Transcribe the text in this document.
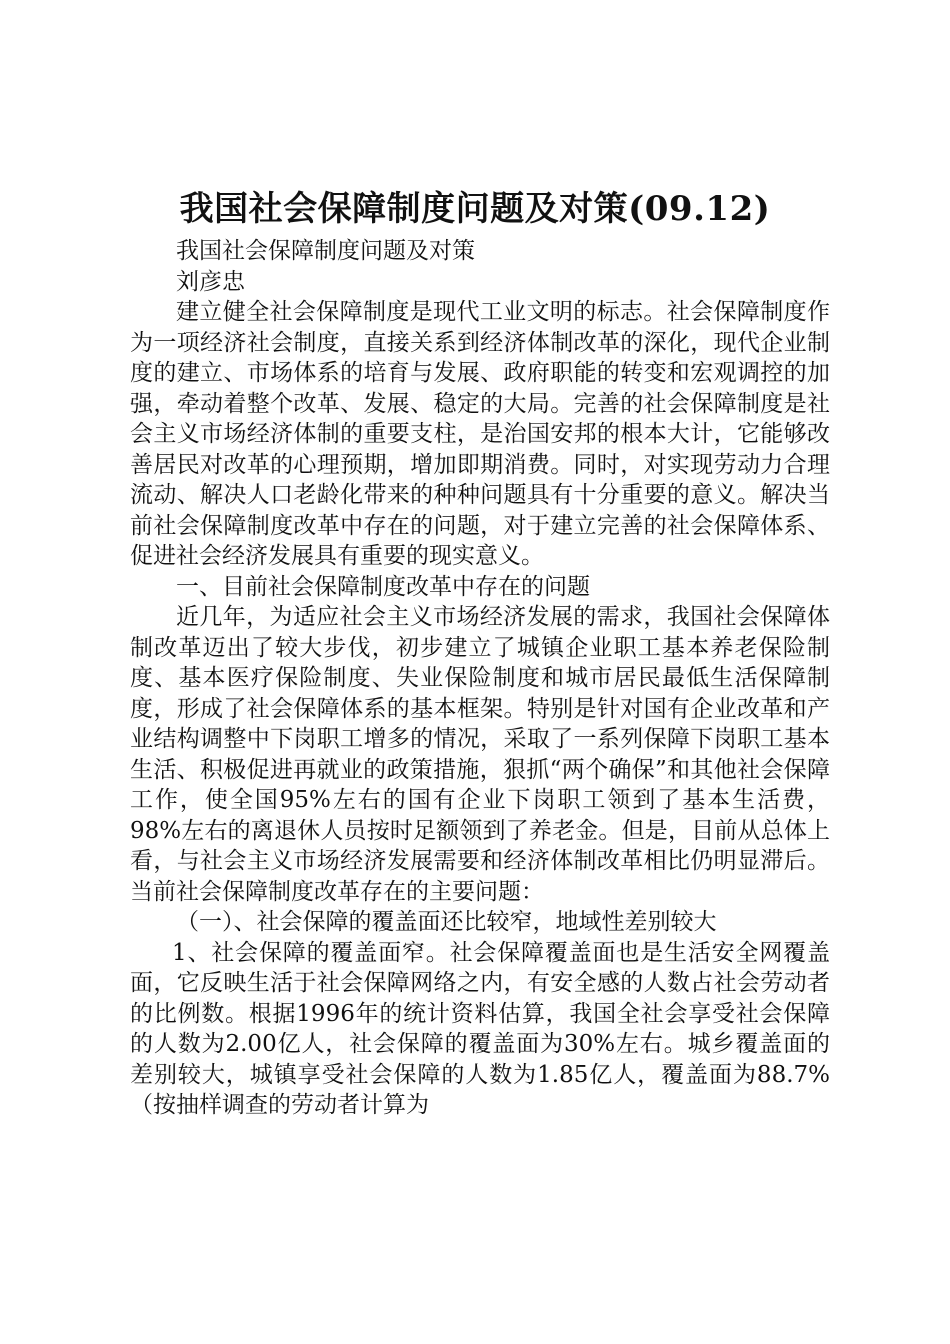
我国社会保障制度问题及对策(09.12)

我国社会保障制度问题及对策

刘彦忠

建立健全社会保障制度是现代工业文明的标志。社会保障制度作为一项经济社会制度，直接关系到经济体制改革的深化，现代企业制度的建立、市场体系的培育与发展、政府职能的转变和宏观调控的加强，牵动着整个改革、发展、稳定的大局。完善的社会保障制度是社会主义市场经济体制的重要支柱，是治国安邦的根本大计，它能够改善居民对改革的心理预期，增加即期消费。同时，对实现劳动力合理流动、解决人口老龄化带来的种种问题具有十分重要的意义。解决当前社会保障制度改革中存在的问题，对于建立完善的社会保障体系、促进社会经济发展具有重要的现实意义。

一、目前社会保障制度改革中存在的问题

近几年，为适应社会主义市场经济发展的需求，我国社会保障体制改革迈出了较大步伐，初步建立了城镇企业职工基本养老保险制度、基本医疗保险制度、失业保险制度和城市居民最低生活保障制度，形成了社会保障体系的基本框架。特别是针对国有企业改革和产业结构调整中下岗职工增多的情况，采取了一系列保障下岗职工基本生活、积极促进再就业的政策措施，狠抓“两个确保”和其他社会保障工作，使全国95%左右的国有企业下岗职工领到了基本生活费，98%左右的离退休人员按时足额领到了养老金。但是，目前从总体上看，与社会主义市场经济发展需要和经济体制改革相比仍明显滞后。当前社会保障制度改革存在的主要问题：

（一）、社会保障的覆盖面还比较窄，地域性差别较大

1、社会保障的覆盖面窄。社会保障覆盖面也是生活安全网覆盖面，它反映生活于社会保障网络之内，有安全感的人数占社会劳动者的比例数。根据1996年的统计资料估算，我国全社会享受社会保障的人数为2.00亿人，社会保障的覆盖面为30%左右。城乡覆盖面的差别较大，城镇享受社会保障的人数为1.85亿人，覆盖面为88.7%（按抽样调查的劳动者计算为
